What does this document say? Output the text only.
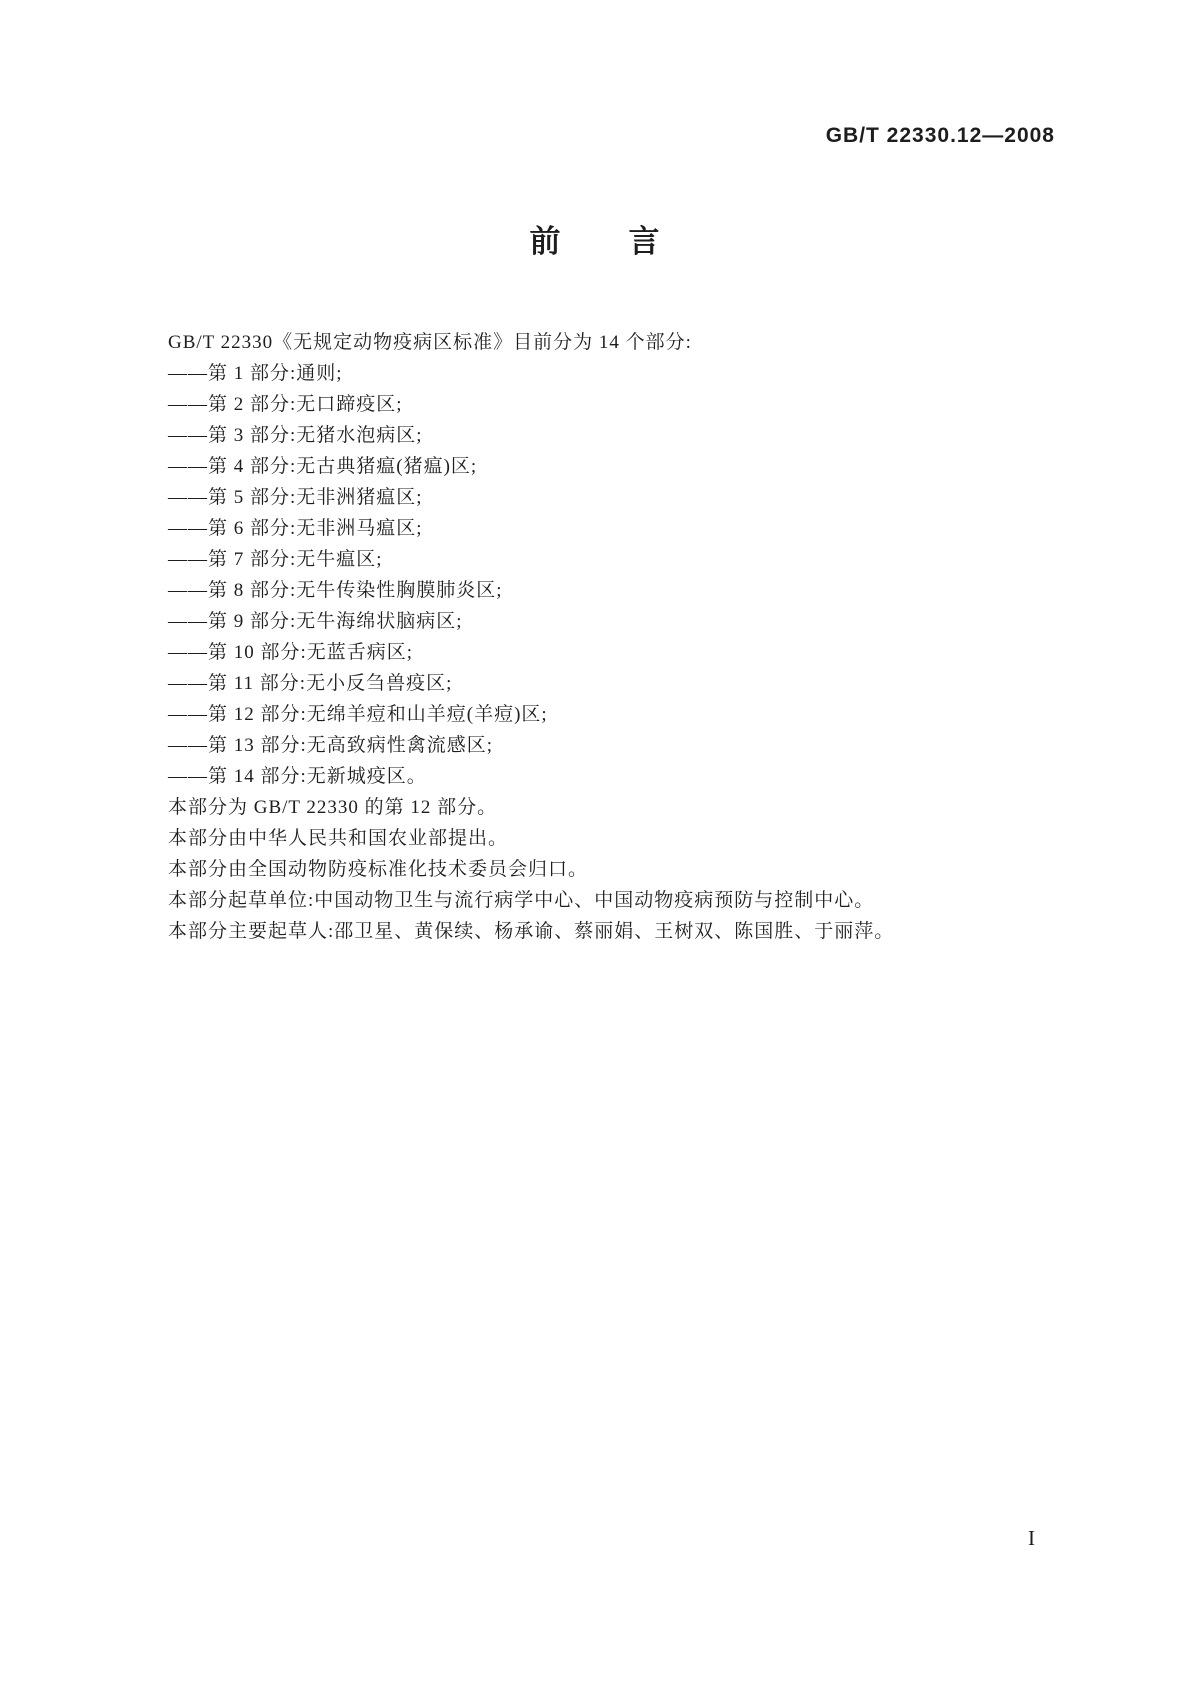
GB/T 22330.12—2008
前　　言

GB/T 22330《无规定动物疫病区标准》目前分为 14 个部分:

——第 1 部分:通则;

——第 2 部分:无口蹄疫区;

——第 3 部分:无猪水泡病区;

——第 4 部分:无古典猪瘟(猪瘟)区;

——第 5 部分:无非洲猪瘟区;

——第 6 部分:无非洲马瘟区;

——第 7 部分:无牛瘟区;

——第 8 部分:无牛传染性胸膜肺炎区;

——第 9 部分:无牛海绵状脑病区;

——第 10 部分:无蓝舌病区;

——第 11 部分:无小反刍兽疫区;

——第 12 部分:无绵羊痘和山羊痘(羊痘)区;

——第 13 部分:无高致病性禽流感区;

——第 14 部分:无新城疫区。

本部分为 GB/T 22330 的第 12 部分。

本部分由中华人民共和国农业部提出。

本部分由全国动物防疫标准化技术委员会归口。

本部分起草单位:中国动物卫生与流行病学中心、中国动物疫病预防与控制中心。

本部分主要起草人:邵卫星、黄保续、杨承谕、蔡丽娟、王树双、陈国胜、于丽萍。

I
